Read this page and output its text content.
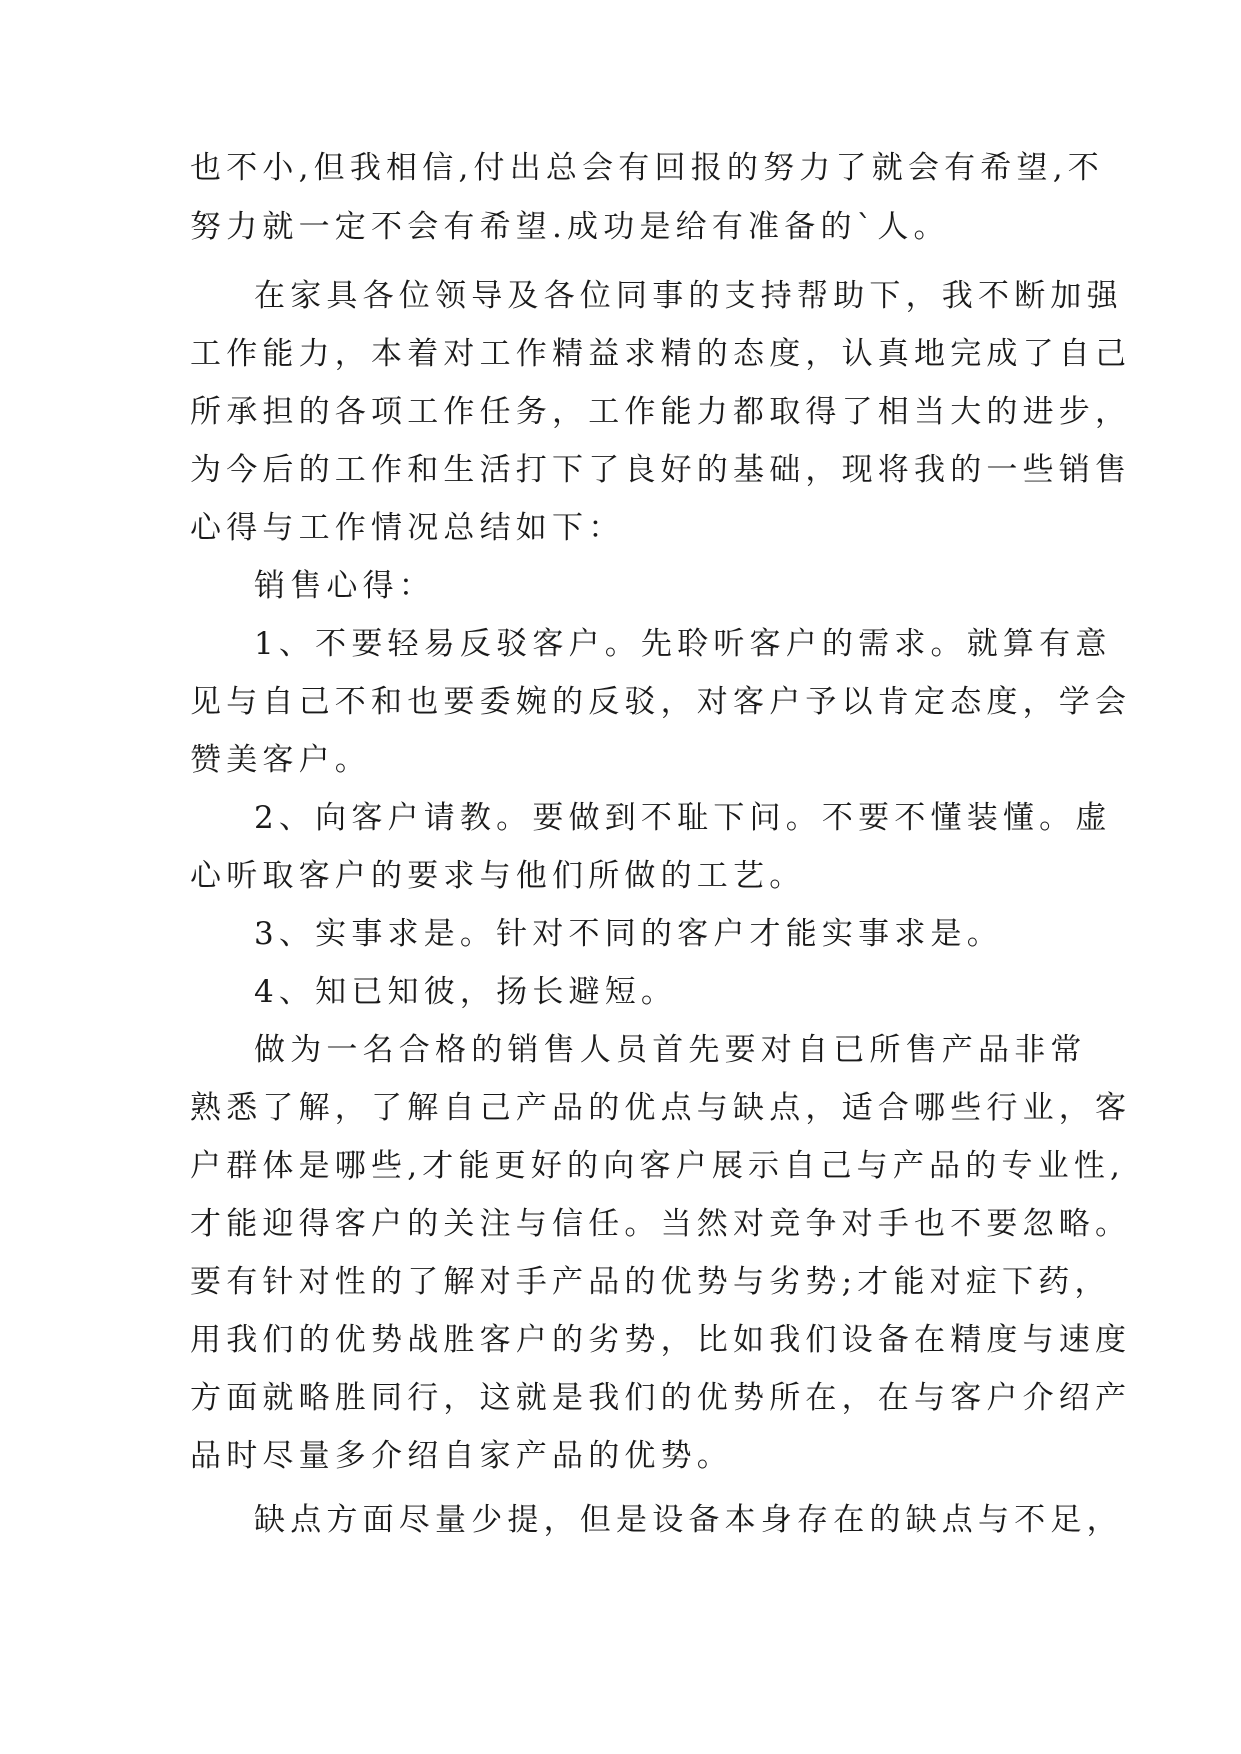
也不小,但我相信,付出总会有回报的努力了就会有希望,不
努力就一定不会有希望.成功是给有准备的`人。
在家具各位领导及各位同事的支持帮助下，我不断加强
工作能力，本着对工作精益求精的态度，认真地完成了自己
所承担的各项工作任务，工作能力都取得了相当大的进步，
为今后的工作和生活打下了良好的基础，现将我的一些销售
心得与工作情况总结如下：
销售心得：
1、不要轻易反驳客户。先聆听客户的需求。就算有意
见与自己不和也要委婉的反驳，对客户予以肯定态度，学会
赞美客户。
2、向客户请教。要做到不耻下问。不要不懂装懂。虚
心听取客户的要求与他们所做的工艺。
3、实事求是。针对不同的客户才能实事求是。
4、知已知彼，扬长避短。
做为一名合格的销售人员首先要对自已所售产品非常
熟悉了解，了解自己产品的优点与缺点，适合哪些行业，客
户群体是哪些,才能更好的向客户展示自己与产品的专业性,
才能迎得客户的关注与信任。当然对竞争对手也不要忽略。
要有针对性的了解对手产品的优势与劣势;才能对症下药，
用我们的优势战胜客户的劣势，比如我们设备在精度与速度
方面就略胜同行，这就是我们的优势所在，在与客户介绍产
品时尽量多介绍自家产品的优势。
缺点方面尽量少提，但是设备本身存在的缺点与不足，
